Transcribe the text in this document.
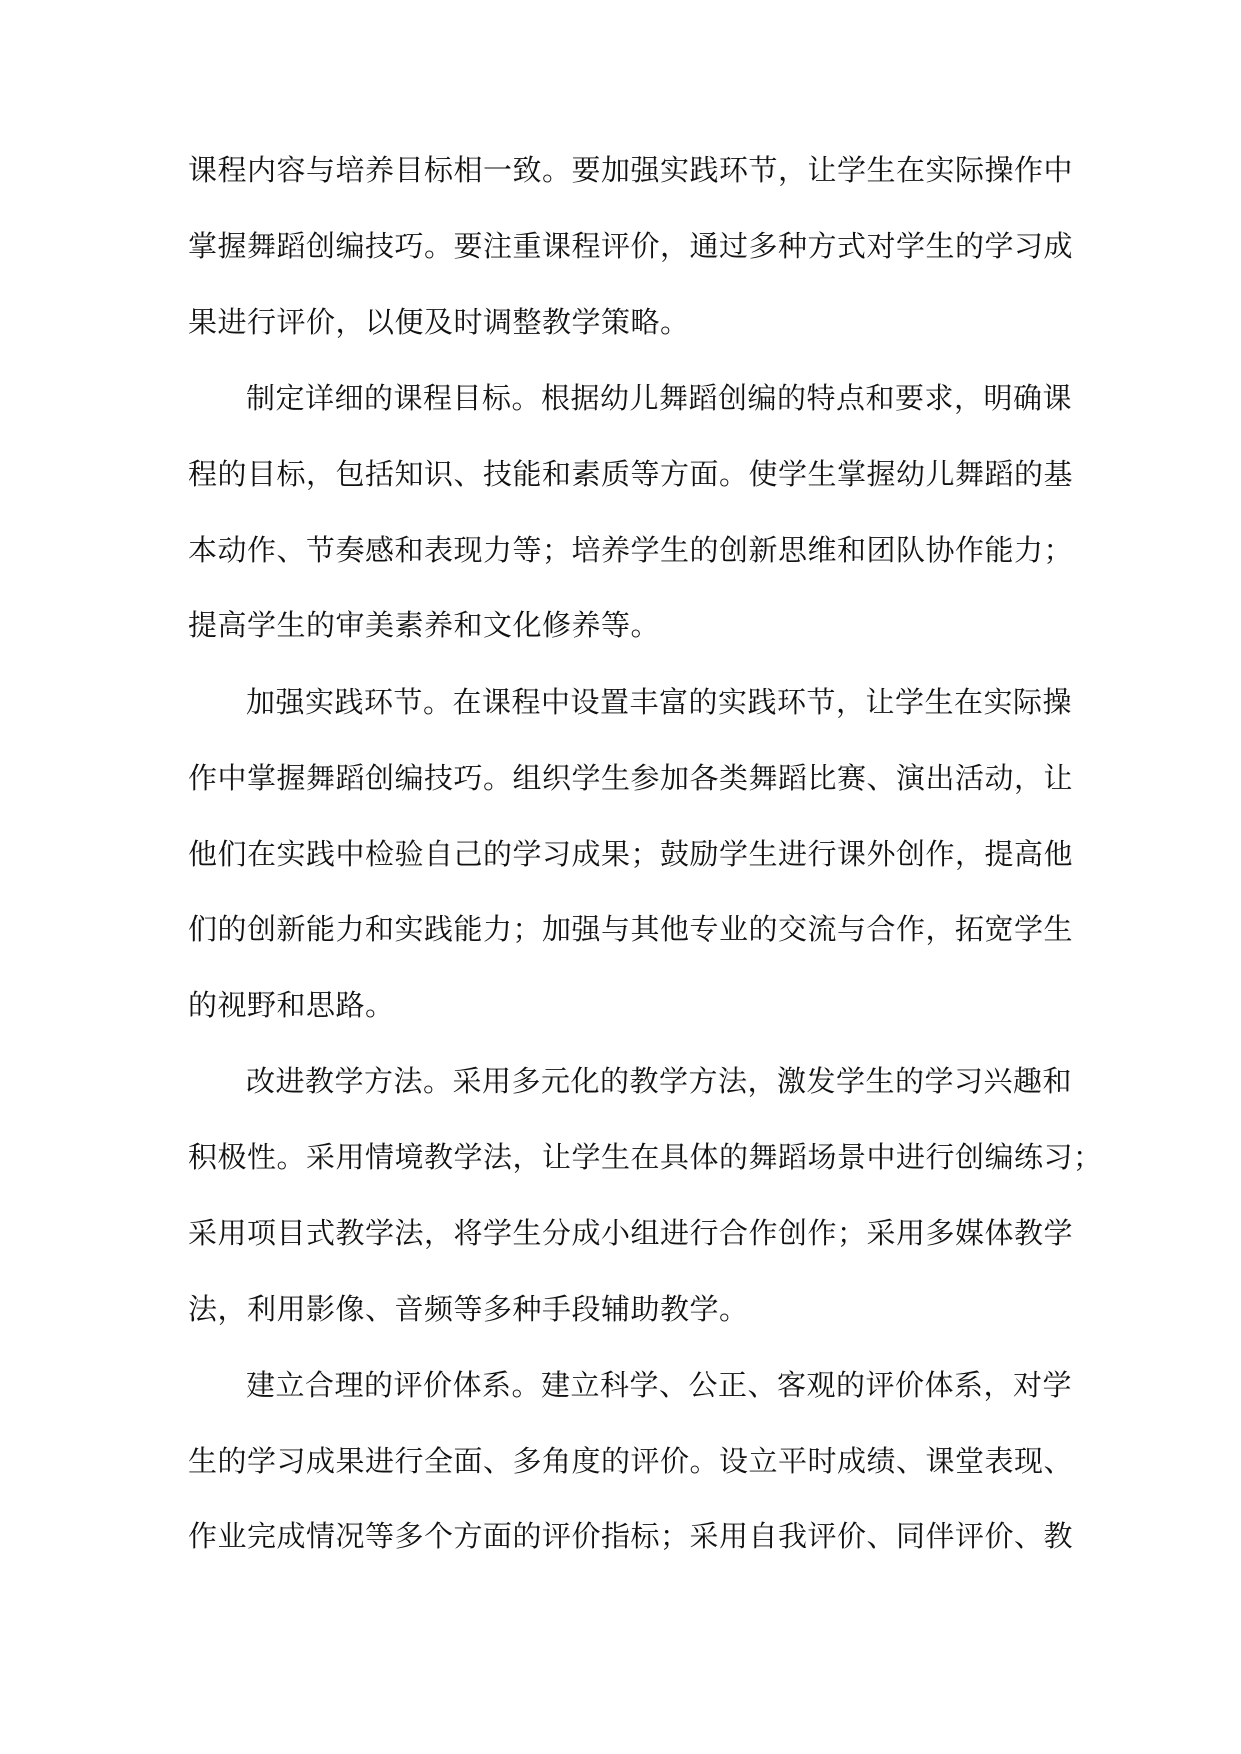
课程内容与培养目标相一致。要加强实践环节，让学生在实际操作中

掌握舞蹈创编技巧。要注重课程评价，通过多种方式对学生的学习成

果进行评价，以便及时调整教学策略。

制定详细的课程目标。根据幼儿舞蹈创编的特点和要求，明确课

程的目标，包括知识、技能和素质等方面。使学生掌握幼儿舞蹈的基

本动作、节奏感和表现力等；培养学生的创新思维和团队协作能力；

提高学生的审美素养和文化修养等。

加强实践环节。在课程中设置丰富的实践环节，让学生在实际操

作中掌握舞蹈创编技巧。组织学生参加各类舞蹈比赛、演出活动，让

他们在实践中检验自己的学习成果；鼓励学生进行课外创作，提高他

们的创新能力和实践能力；加强与其他专业的交流与合作，拓宽学生

的视野和思路。

改进教学方法。采用多元化的教学方法，激发学生的学习兴趣和

积极性。采用情境教学法，让学生在具体的舞蹈场景中进行创编练习；

采用项目式教学法，将学生分成小组进行合作创作；采用多媒体教学

法，利用影像、音频等多种手段辅助教学。

建立合理的评价体系。建立科学、公正、客观的评价体系，对学

生的学习成果进行全面、多角度的评价。设立平时成绩、课堂表现、

作业完成情况等多个方面的评价指标；采用自我评价、同伴评价、教
